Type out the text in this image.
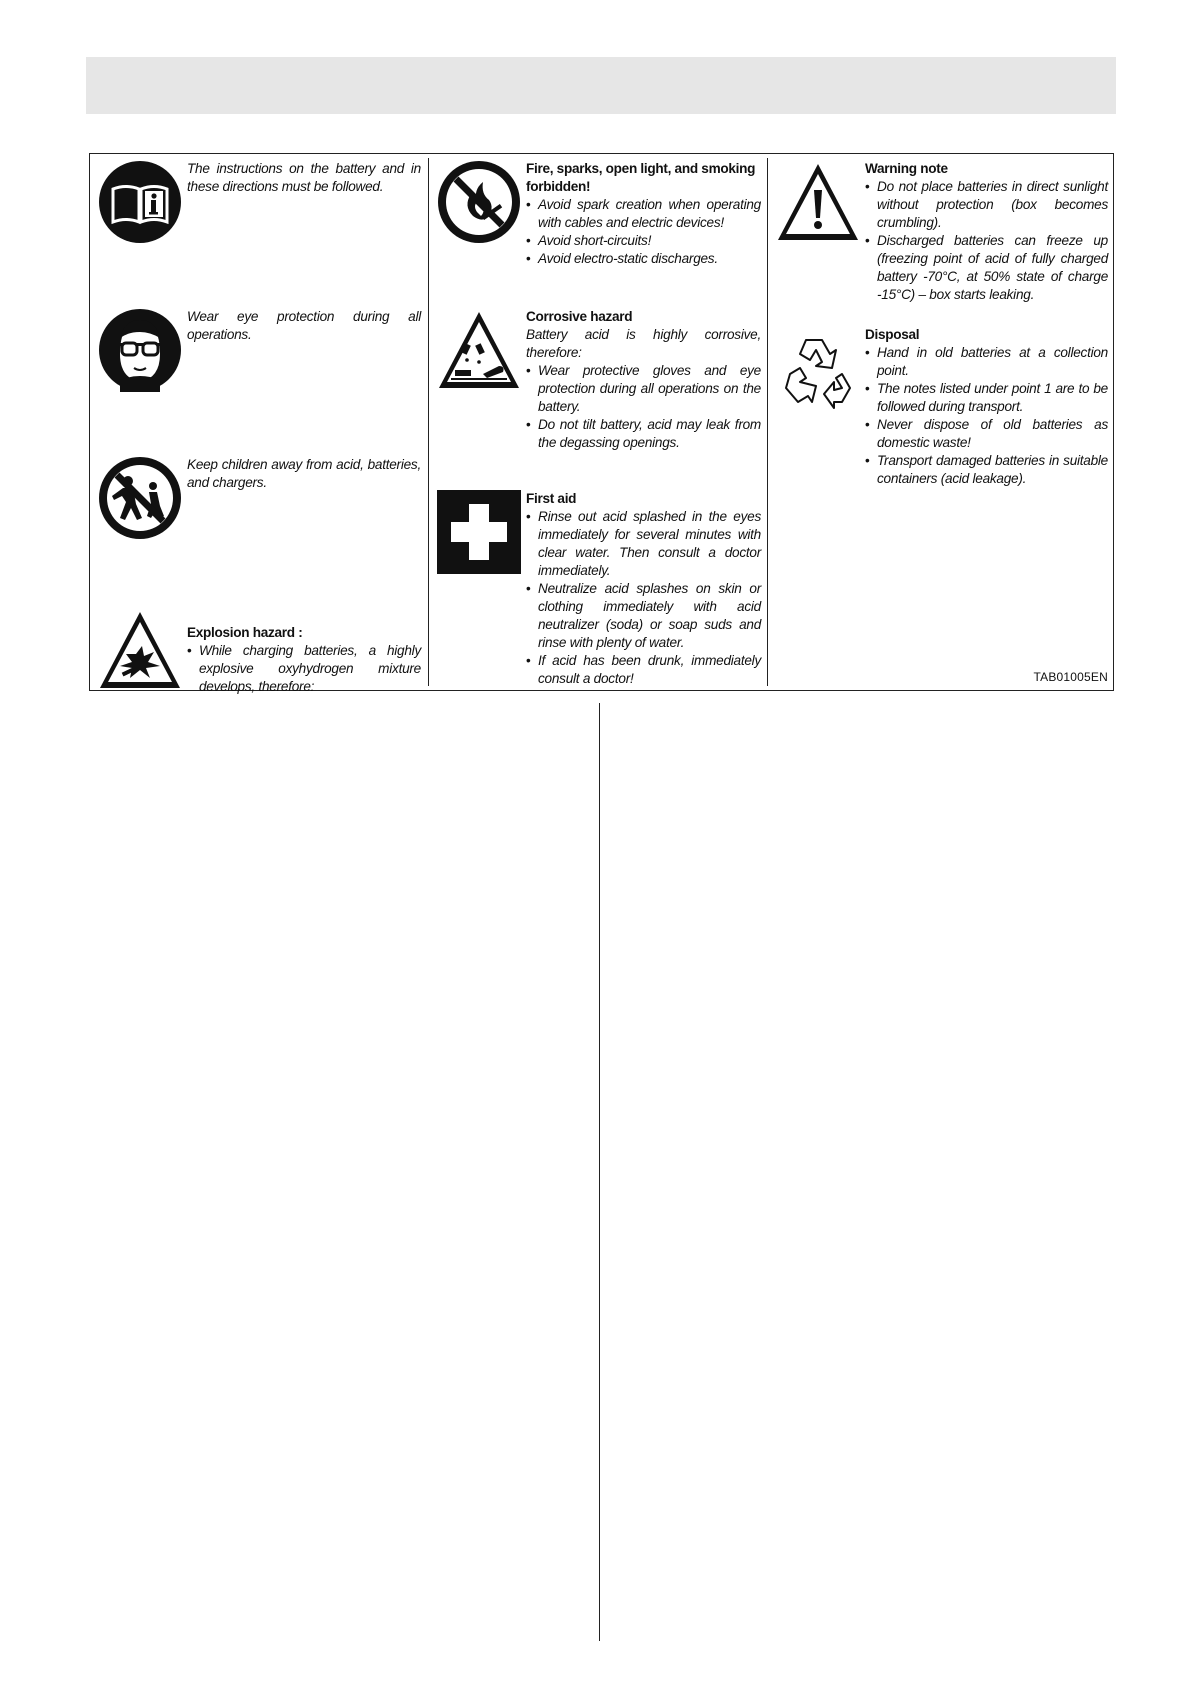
The instructions on the battery and in these directions must be followed.
Wear eye protection during all operations.
Keep children away from acid, batteries, and chargers.
Explosion hazard :
• While charging batteries, a highly explosive oxyhydrogen mixture develops, therefore:
Fire, sparks, open light, and smoking forbidden!
• Avoid spark creation when operating with cables and electric devices!
• Avoid short-circuits!
• Avoid electro-static discharges.
Corrosive hazard
Battery acid is highly corrosive, therefore:
• Wear protective gloves and eye protection during all operations on the battery.
• Do not tilt battery, acid may leak from the degassing openings.
First aid
• Rinse out acid splashed in the eyes immediately for several minutes with clear water. Then consult a doctor immediately.
• Neutralize acid splashes on skin or clothing immediately with acid neutralizer (soda) or soap suds and rinse with plenty of water.
• If acid has been drunk, immediately consult a doctor!
Warning note
• Do not place batteries in direct sunlight without protection (box becomes crumbling).
• Discharged batteries can freeze up (freezing point of acid of fully charged battery -70°C, at 50% state of charge -15°C) – box starts leaking.
Disposal
• Hand in old batteries at a collection point.
• The notes listed under point 1 are to be followed during transport.
• Never dispose of old batteries as domestic waste!
• Transport damaged batteries in suitable containers (acid leakage).
TAB01005EN
